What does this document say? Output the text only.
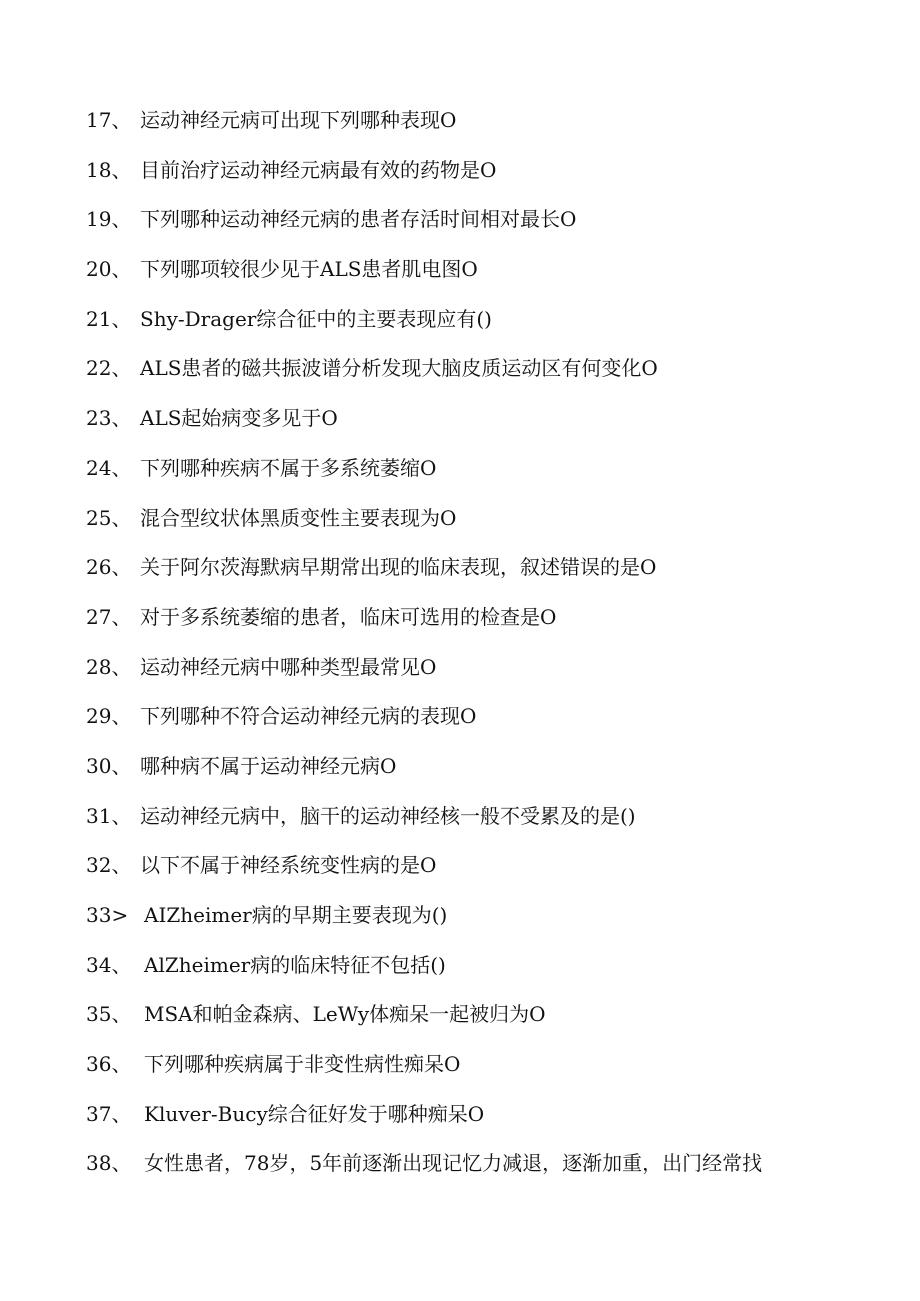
17、 运动神经元病可出现下列哪种表现O
18、 目前治疗运动神经元病最有效的药物是O
19、 下列哪种运动神经元病的患者存活时间相对最长O
20、 下列哪项较很少见于ALS患者肌电图O
21、 Shy-Drager综合征中的主要表现应有()
22、 ALS患者的磁共振波谱分析发现大脑皮质运动区有何变化O
23、 ALS起始病变多见于O
24、 下列哪种疾病不属于多系统萎缩O
25、 混合型纹状体黑质变性主要表现为O
26、 关于阿尔茨海默病早期常出现的临床表现，叙述错误的是O
27、 对于多系统萎缩的患者，临床可选用的检查是O
28、 运动神经元病中哪种类型最常见O
29、 下列哪种不符合运动神经元病的表现O
30、 哪种病不属于运动神经元病O
31、 运动神经元病中，脑干的运动神经核一般不受累及的是()
32、 以下不属于神经系统变性病的是O
33> AIZheimer病的早期主要表现为()
34、 AlZheimer病的临床特征不包括()
35、 MSA和帕金森病、LeWy体痴呆一起被归为O
36、 下列哪种疾病属于非变性病性痴呆O
37、 Kluver-Bucy综合征好发于哪种痴呆O
38、 女性患者，78岁，5年前逐渐出现记忆力减退，逐渐加重，出门经常找
